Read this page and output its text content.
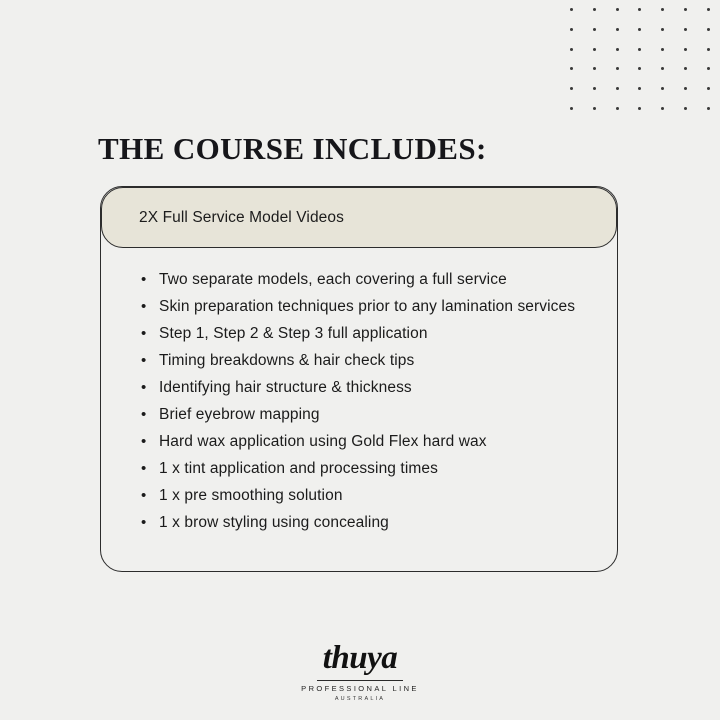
THE COURSE INCLUDES:
2X Full Service Model Videos
• Two separate models, each covering a full service
• Skin preparation techniques prior to any lamination services
• Step 1, Step 2 & Step 3 full application
• Timing breakdowns & hair check tips
• Identifying hair structure & thickness
• Brief eyebrow mapping
• Hard wax application using Gold Flex hard wax
• 1 x tint application and processing times
• 1 x pre smoothing solution
• 1 x brow styling using concealing
thuya
PROFESSIONAL LINE
AUSTRALIA
